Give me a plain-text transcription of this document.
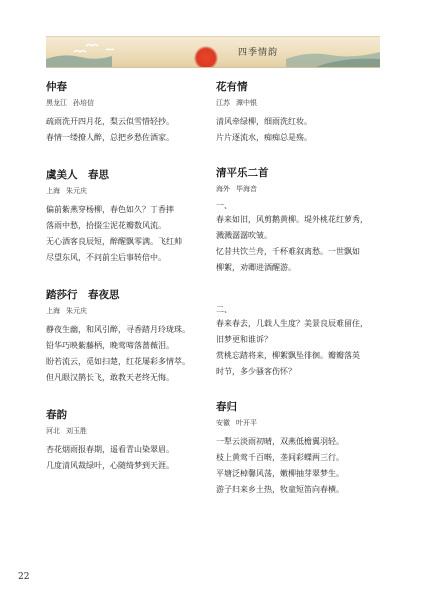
四季情韵
仲春
黑龙江 孙培信

疏雨洗开四月花，梨云似雪惜轻抄。

春情一缕撩人醉，总把乡愁佐酒家。

虞美人　春思
上海 朱元庆

偏前紫燕穿杨柳，春色如久？丁香摔

落雨中愁，拾掇尘泥花瓣数风流。

无心酒客良辰短，醉醒飘零满。飞红帅

尽望东风，不问前尘后事转倍中。

踏莎行　春夜思
上海 朱元庆

静夜生幽，和风引醉，寻香踏月玲珑珠。

铅华巧映紫藤柄，晚莺啼落蔷薇泪。

盼若流云，觅如扫楚，红花屡彩多情萃。

但凡眼汉鹊长飞，敢教天老终无悔。

春韵
河北 刘玉胜

杏花烟雨报春期，遥看青山染翠眉。

几度清风裁绿叶，心随绮梦到天涯。

花有情
江苏 潭中银

清风牵绿柳，细雨洗红妆。

片片逐流水，痴痴总是殇。

清平乐二首
海外 毕海音

一、

春来如旧，风剪鹅黄柳。堤外桃花红萝秀，

溅溅潺潺吹皱。

忆昔共饮兰舟，千杯难叙离愁。一世飘如

柳絮，劝卿进酒醒游。

二、

春来春去，几载人生度？美景良辰难留住，

旧梦更和谁诉？

赏桃忘踏将来，柳絮飘坠徘徊。瓣瓣落英

时节，多少骚客伤怀？

春归
安徽 叶开平

一犁云淡雨初晴，双燕低檐翼羽轻。

枝上黄莺千百啭，垄间彩蝶两三行。

平塘泛棹馨风荡，嫩柳抽芽翠梦生。

游子归来乡土热，牧童短笛向春横。

22
